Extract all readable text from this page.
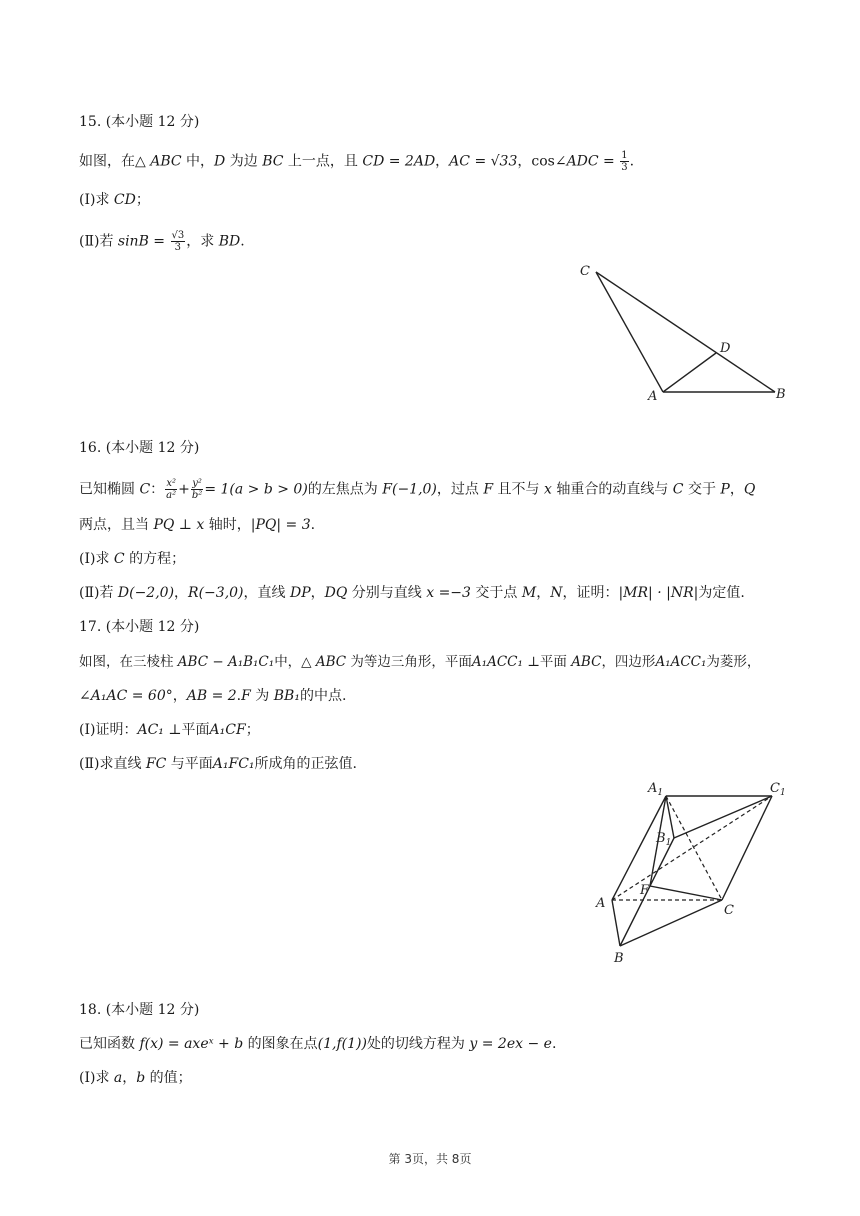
15. (本小题 12 分)
如图，在△ ABC 中，D 为边 BC 上一点，且 CD = 2AD，AC = √33，cos∠ADC = $\frac{1}{3}$ .
(Ⅰ)求 CD；
(Ⅱ)若 $\sin B = \frac{√3}{3}$ ，求 BD.
C
D
A	B
16. (本小题 12 分)
已知椭圆 C： $\frac{\text{x²}}{\text{a²}} + \frac{\text{y²}}{\text{b²}} = 1(a > b > 0)$的左焦点为 F(−1,0)，过点 F 且不与 x 轴重合的动直线与 C 交于 P，Q
两点，且当 PQ ⊥ x 轴时，|PQ| = 3.
(Ⅰ)求 C 的方程；
(Ⅱ)若 D(−2,0)，R(−3,0)，直线 DP，DQ 分别与直线 x =−3 交于点 M，N，证明：|MR| · |NR|为定值.
17. (本小题 12 分)
如图，在三棱柱 ABC − A₁B₁C₁中，△ ABC 为等边三角形，平面A₁ACC₁ ⊥平面 ABC，四边形A₁ACC₁为菱形，
∠A₁AC = 60°，AB = 2.F 为 BB₁的中点.
(Ⅰ)证明：AC₁ ⊥平面A₁CF；
(Ⅱ)求直线 FC 与平面A₁FC₁所成角的正弦值.
$A_1$	$C_1$
$B_1$
F
A	C
B
18. (本小题 12 分)
已知函数 f(x) = axeˣ + b 的图象在点(1,f(1))处的切线方程为 y = 2ex − e.
(Ⅰ)求 a，b 的值；
第 3页，共 8页
